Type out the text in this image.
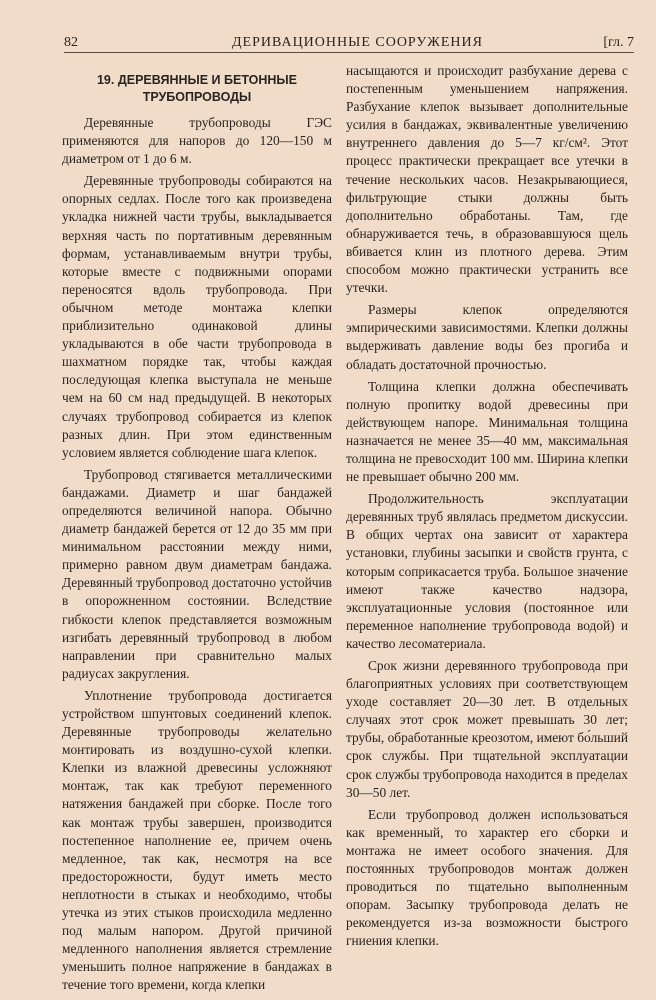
82	ДЕРИВАЦИОННЫЕ СООРУЖЕНИЯ	[гл. 7
19. ДЕРЕВЯННЫЕ И БЕТОННЫЕ
ТРУБОПРОВОДЫ

Деревянные трубопроводы ГЭС применяются для напоров до 120—150 м диаметром от 1 до 6 м.

Деревянные трубопроводы собираются на опорных седлах. После того как произведена укладка нижней части трубы, выкладывается верхняя часть по портативным деревянным формам, устанавливаемым внутри трубы, которые вместе с подвижными опорами переносятся вдоль трубопровода. При обычном методе монтажа клепки приблизительно одинаковой длины укладываются в обе части трубопровода в шахматном порядке так, чтобы каждая последующая клепка выступала не меньше чем на 60 см над предыдущей. В некоторых случаях трубопровод собирается из клепок разных длин. При этом единственным условием является соблюдение шага клепок.

Трубопровод стягивается металлическими бандажами. Диаметр и шаг бандажей определяются величиной напора. Обычно диаметр бандажей берется от 12 до 35 мм при минимальном расстоянии между ними, примерно равном двум диаметрам бандажа. Деревянный трубопровод достаточно устойчив в опорожненном состоянии. Вследствие гибкости клепок представляется возможным изгибать деревянный трубопровод в любом направлении при сравнительно малых радиусах закругления.

Уплотнение трубопровода достигается устройством шпунтовых соединений клепок. Деревянные трубопроводы желательно монтировать из воздушно-сухой клепки. Клепки из влажной древесины усложняют монтаж, так как требуют переменного натяжения бандажей при сборке. После того как монтаж трубы завершен, производится постепенное наполнение ее, причем очень медленное, так как, несмотря на все предосторожности, будут иметь место неплотности в стыках и необходимо, чтобы утечка из этих стыков происходила медленно под малым напором. Другой причиной медленного наполнения является стремление уменьшить полное напряжение в бандажах в течение того времени, когда клепки

насыщаются и происходит разбухание дерева с постепенным уменьшением напряжения. Разбухание клепок вызывает дополнительные усилия в бандажах, эквивалентные увеличению внутреннего давления до 5—7 кг/см². Этот процесс практически прекращает все утечки в течение нескольких часов. Незакрывающиеся, фильтрующие стыки должны быть дополнительно обработаны. Там, где обнаруживается течь, в образовавшуюся щель вбивается клин из плотного дерева. Этим способом можно практически устранить все утечки.

Размеры клепок определяются эмпирическими зависимостями. Клепки должны выдерживать давление воды без прогиба и обладать достаточной прочностью.

Толщина клепки должна обеспечивать полную пропитку водой древесины при действующем напоре. Минимальная толщина назначается не менее 35—40 мм, максимальная толщина не превосходит 100 мм. Ширина клепки не превышает обычно 200 мм.

Продолжительность эксплуатации деревянных труб являлась предметом дискуссии. В общих чертах она зависит от характера установки, глубины засыпки и свойств грунта, с которым соприкасается труба. Большое значение имеют также качество надзора, эксплуатационные условия (постоянное или переменное наполнение трубопровода водой) и качество лесоматериала.

Срок жизни деревянного трубопровода при благоприятных условиях при соответствующем уходе составляет 20—30 лет. В отдельных случаях этот срок может превышать 30 лет; трубы, обработанные креозотом, имеют бо́льший срок службы. При тщательной эксплуатации срок службы трубопровода находится в пределах 30—50 лет.

Если трубопровод должен использоваться как временный, то характер его сборки и монтажа не имеет особого значения. Для постоянных трубопроводов монтаж должен проводиться по тщательно выполненным опорам. Засыпку трубопровода делать не рекомендуется из-за возможности быстрого гниения клепки.
